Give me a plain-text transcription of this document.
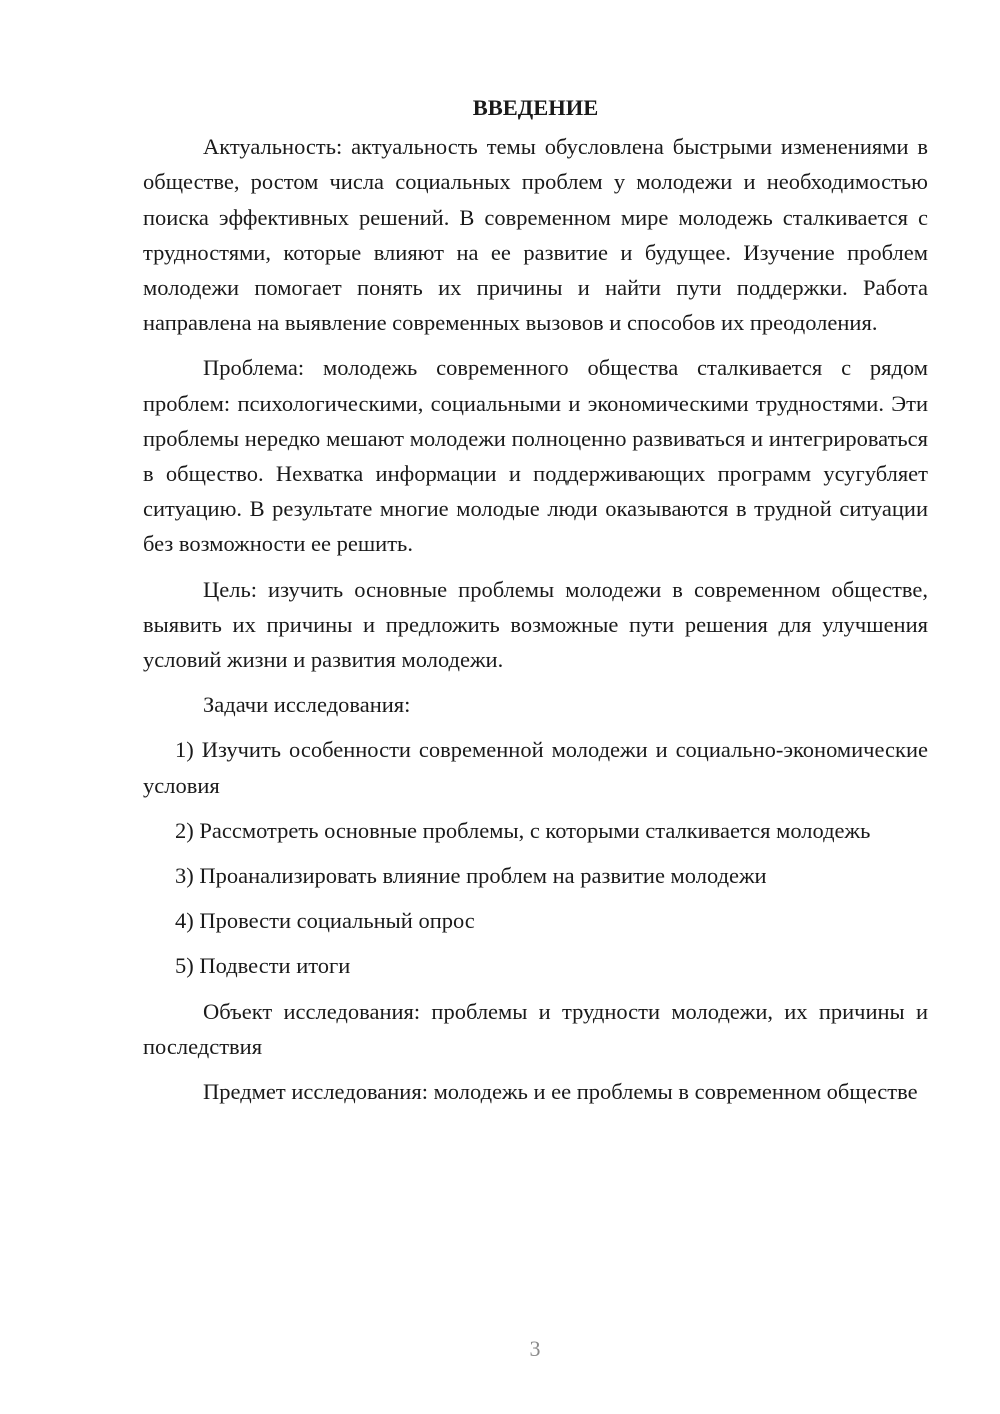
ВВЕДЕНИЕ

Актуальность: актуальность темы обусловлена быстрыми изменениями в обществе, ростом числа социальных проблем у молодежи и необходимостью поиска эффективных решений. В современном мире молодежь сталкивается с трудностями, которые влияют на ее развитие и будущее. Изучение проблем молодежи помогает понять их причины и найти пути поддержки. Работа направлена на выявление современных вызовов и способов их преодоления.

Проблема: молодежь современного общества сталкивается с рядом проблем: психологическими, социальными и экономическими трудностями. Эти проблемы нередко мешают молодежи полноценно развиваться и интегрироваться в общество. Нехватка информации и поддерживающих программ усугубляет ситуацию. В результате многие молодые люди оказываются в трудной ситуации без возможности ее решить.

Цель: изучить основные проблемы молодежи в современном обществе, выявить их причины и предложить возможные пути решения для улучшения условий жизни и развития молодежи.

Задачи исследования:

1) Изучить особенности современной молодежи и социально-экономические условия

2) Рассмотреть основные проблемы, с которыми сталкивается молодежь

3) Проанализировать влияние проблем на развитие молодежи

4) Провести социальный опрос

5) Подвести итоги

Объект исследования: проблемы и трудности молодежи, их причины и последствия

Предмет исследования: молодежь и ее проблемы в современном обществе

3
